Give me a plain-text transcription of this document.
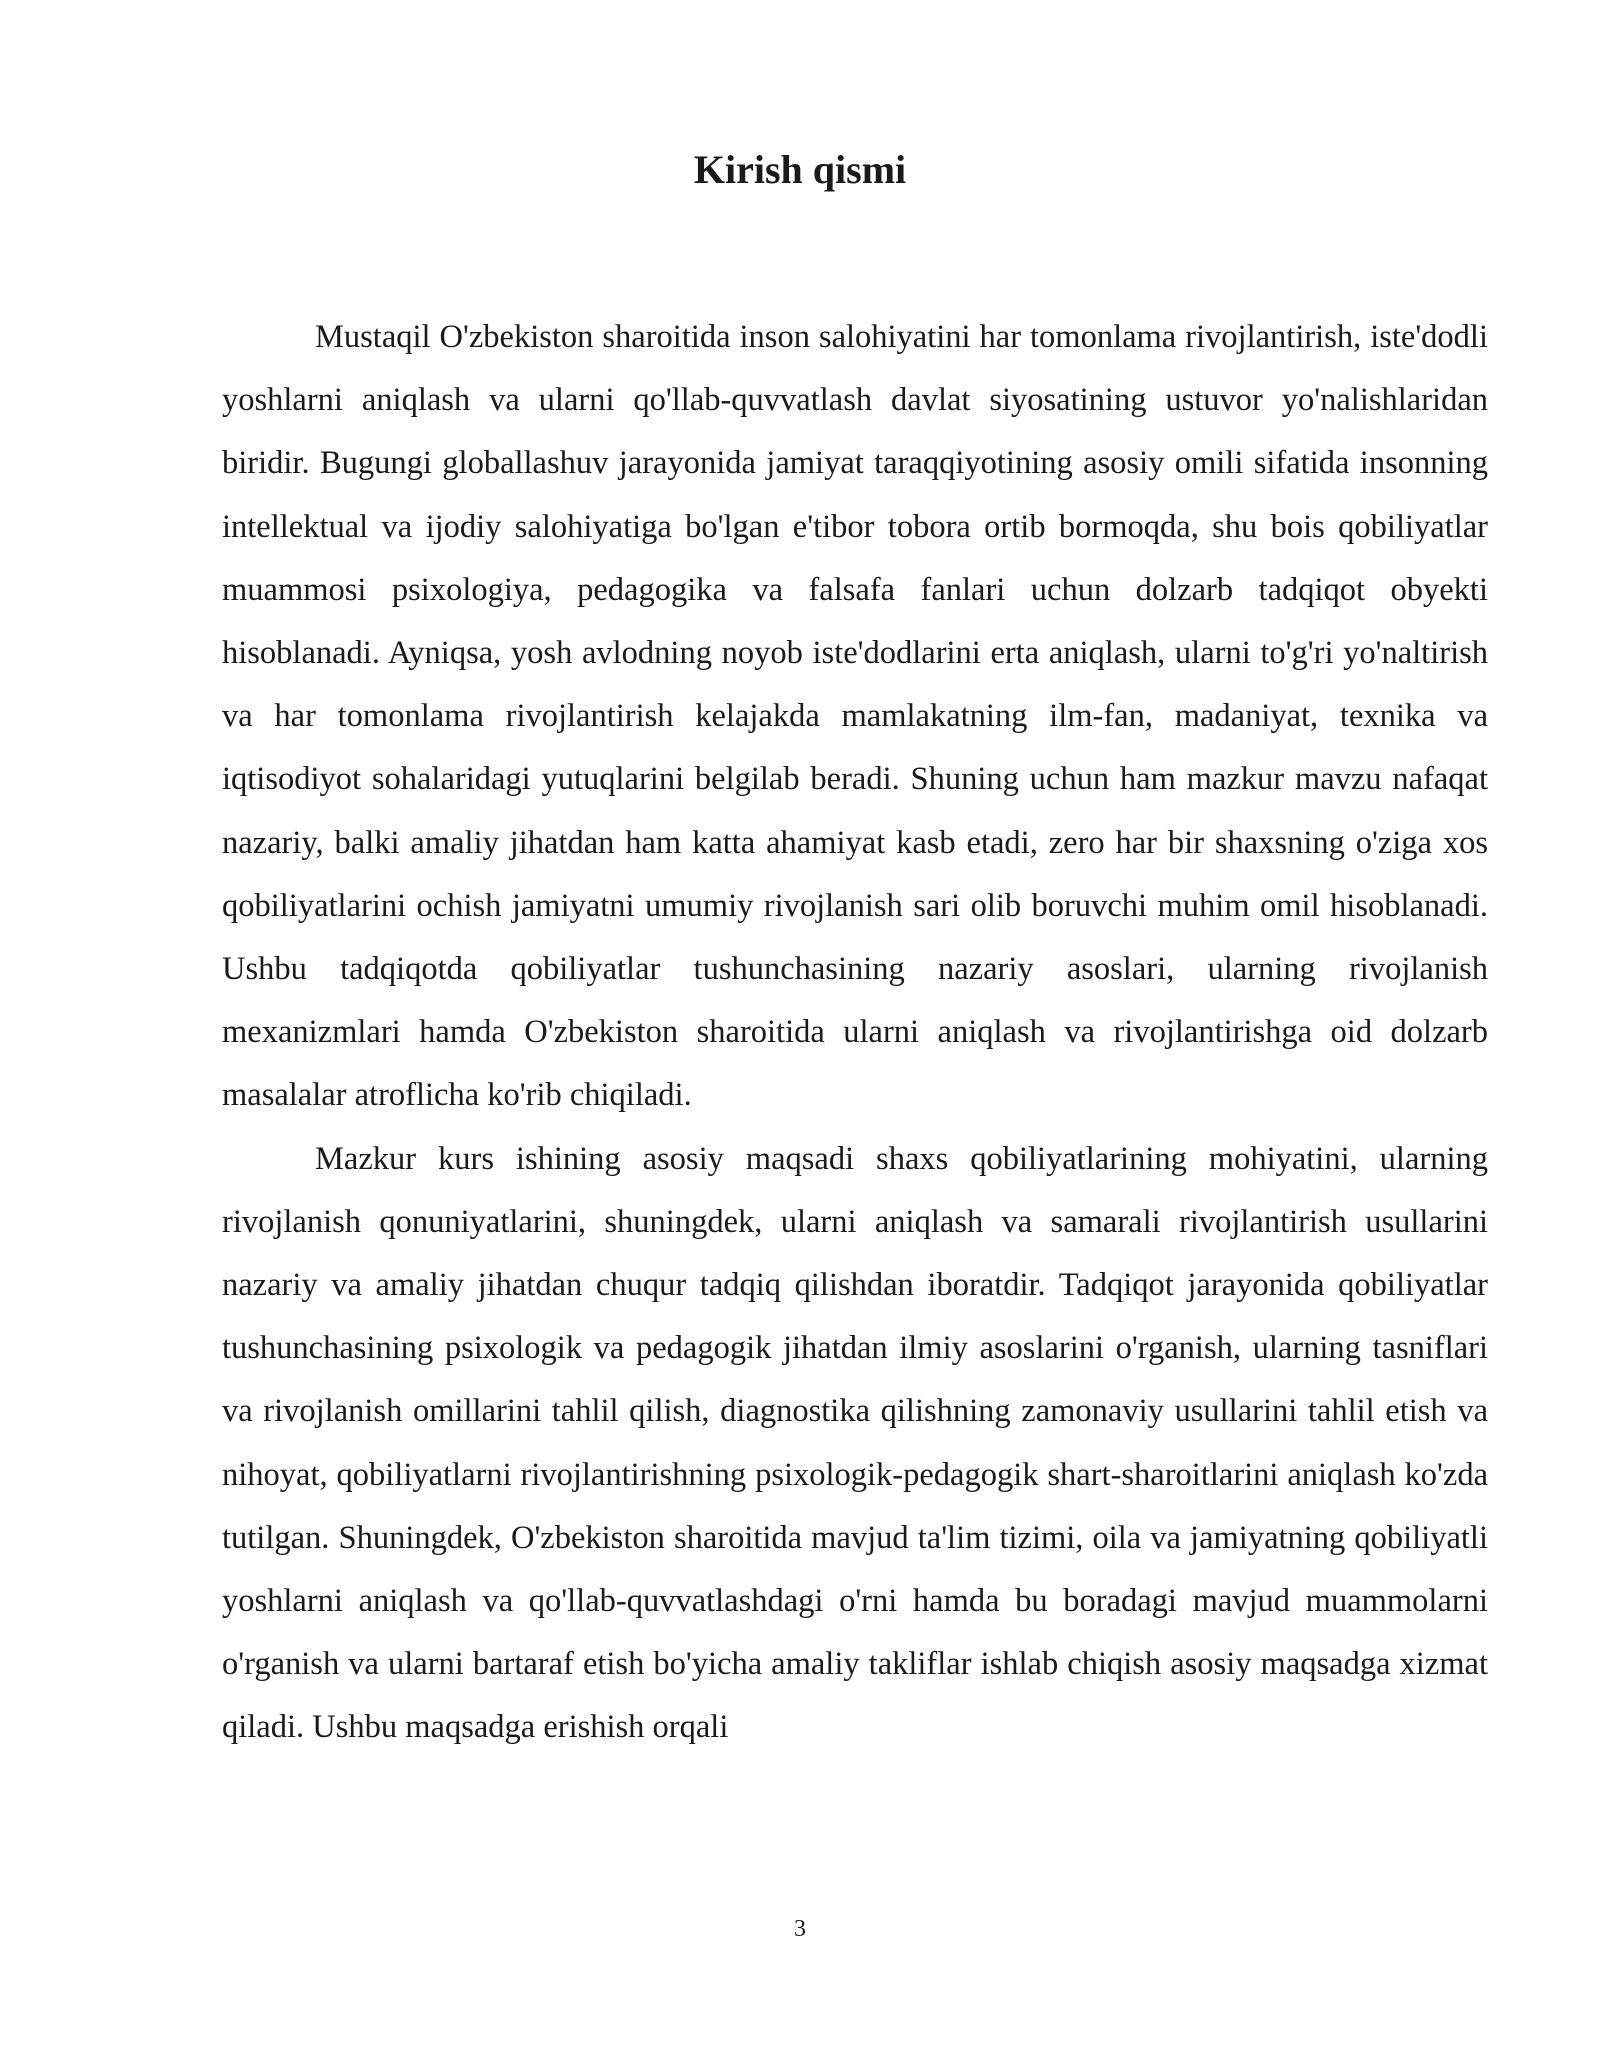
Kirish qismi

Mustaqil O'zbekiston sharoitida inson salohiyatini har tomonlama rivojlantirish, iste'dodli yoshlarni aniqlash va ularni qo'llab-quvvatlash davlat siyosatining ustuvor yo'nalishlaridan biridir. Bugungi globallashuv jarayonida jamiyat taraqqiyotining asosiy omili sifatida insonning intellektual va ijodiy salohiyatiga bo'lgan e'tibor tobora ortib bormoqda, shu bois qobiliyatlar muammosi psixologiya, pedagogika va falsafa fanlari uchun dolzarb tadqiqot obyekti hisoblanadi. Ayniqsa, yosh avlodning noyob iste'dodlarini erta aniqlash, ularni to'g'ri yo'naltirish va har tomonlama rivojlantirish kelajakda mamlakatning ilm-fan, madaniyat, texnika va iqtisodiyot sohalaridagi yutuqlarini belgilab beradi. Shuning uchun ham mazkur mavzu nafaqat nazariy, balki amaliy jihatdan ham katta ahamiyat kasb etadi, zero har bir shaxsning o'ziga xos qobiliyatlarini ochish jamiyatni umumiy rivojlanish sari olib boruvchi muhim omil hisoblanadi. Ushbu tadqiqotda qobiliyatlar tushunchasining nazariy asoslari, ularning rivojlanish mexanizmlari hamda O'zbekiston sharoitida ularni aniqlash va rivojlantirishga oid dolzarb masalalar atroflicha ko'rib chiqiladi.

Mazkur kurs ishining asosiy maqsadi shaxs qobiliyatlarining mohiyatini, ularning rivojlanish qonuniyatlarini, shuningdek, ularni aniqlash va samarali rivojlantirish usullarini nazariy va amaliy jihatdan chuqur tadqiq qilishdan iboratdir. Tadqiqot jarayonida qobiliyatlar tushunchasining psixologik va pedagogik jihatdan ilmiy asoslarini o'rganish, ularning tasniflari va rivojlanish omillarini tahlil qilish, diagnostika qilishning zamonaviy usullarini tahlil etish va nihoyat, qobiliyatlarni rivojlantirishning psixologik-pedagogik shart-sharoitlarini aniqlash ko'zda tutilgan. Shuningdek, O'zbekiston sharoitida mavjud ta'lim tizimi, oila va jamiyatning qobiliyatli yoshlarni aniqlash va qo'llab-quvvatlashdagi o'rni hamda bu boradagi mavjud muammolarni o'rganish va ularni bartaraf etish bo'yicha amaliy takliflar ishlab chiqish asosiy maqsadga xizmat qiladi. Ushbu maqsadga erishish orqali

3
